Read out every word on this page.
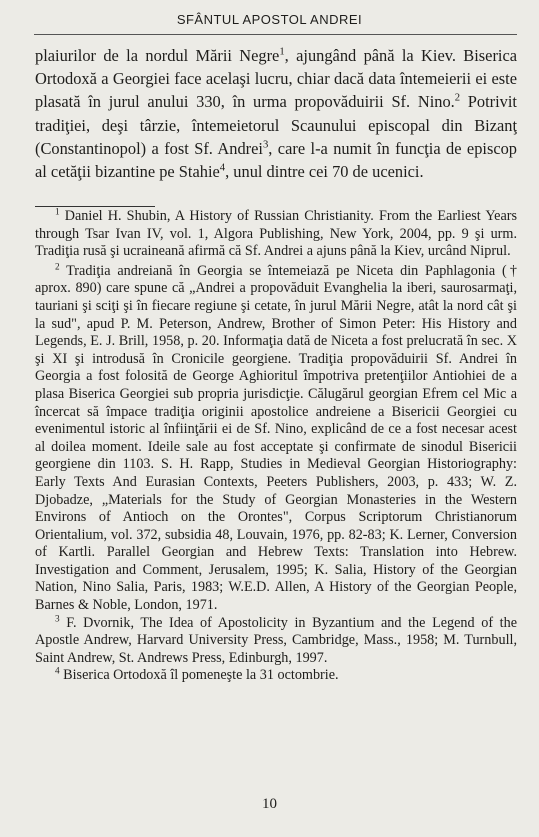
SFÂNTUL APOSTOL ANDREI

plaiurilor de la nordul Mării Negre$^1$, ajungând până la Kiev. Biserica Ortodoxă a Georgiei face acelaşi lucru, chiar dacă data întemeierii ei este plasată în jurul anului 330, în urma propovăduirii Sf. Nino.$^2$ Potrivit tradiţiei, deşi târzie, întemeietorul Scaunului episcopal din Bizanţ (Constantinopol) a fost Sf. Andrei$^3$, care l-a numit în funcţia de episcop al cetăţii bizantine pe Stahie$^4$, unul dintre cei 70 de ucenici.

$^1$ Daniel H. Shubin, A History of Russian Christianity. From the Earliest Years through Tsar Ivan IV, vol. 1, Algora Publishing, New York, 2004, pp. 9 şi urm. Tradiţia rusă şi ucraineană afirmă că Sf. Andrei a ajuns până la Kiev, urcând Niprul.

$^2$ Tradiţia andreiană în Georgia se întemeiază pe Niceta din Paphlagonia († aprox. 890) care spune că „Andrei a propovăduit Evanghelia la iberi, saurosarmaţi, tauriani şi sciţi şi în fiecare regiune şi cetate, în jurul Mării Negre, atât la nord cât şi la sud", apud P. M. Peterson, Andrew, Brother of Simon Peter: His History and Legends, E. J. Brill, 1958, p. 20. Informaţia dată de Niceta a fost prelucrată în sec. X şi XI şi introdusă în Cronicile georgiene. Tradiţia propovăduirii Sf. Andrei în Georgia a fost folosită de George Aghioritul împotriva pretenţiilor Antiohiei de a plasa Biserica Georgiei sub propria jurisdicţie. Călugărul georgian Efrem cel Mic a încercat să împace tradiţia originii apostolice andreiene a Bisericii Georgiei cu evenimentul istoric al înfiinţării ei de Sf. Nino, explicând de ce a fost necesar acest al doilea moment. Ideile sale au fost acceptate şi confirmate de sinodul Bisericii georgiene din 1103. S. H. Rapp, Studies in Medieval Georgian Historiography: Early Texts And Eurasian Contexts, Peeters Publishers, 2003, p. 433; W. Z. Djobadze, „Materials for the Study of Georgian Monasteries in the Western Environs of Antioch on the Orontes", Corpus Scriptorum Christianorum Orientalium, vol. 372, subsidia 48, Louvain, 1976, pp. 82-83; K. Lerner, Conversion of Kartli. Parallel Georgian and Hebrew Texts: Translation into Hebrew. Investigation and Comment, Jerusalem, 1995; K. Salia, History of the Georgian Nation, Nino Salia, Paris, 1983; W.E.D. Allen, A History of the Georgian People, Barnes & Noble, London, 1971.

$^3$ F. Dvornik, The Idea of Apostolicity in Byzantium and the Legend of the Apostle Andrew, Harvard University Press, Cambridge, Mass., 1958; M. Turnbull, Saint Andrew, St. Andrews Press, Edinburgh, 1997.

$^4$ Biserica Ortodoxă îl pomeneşte la 31 octombrie.

10
